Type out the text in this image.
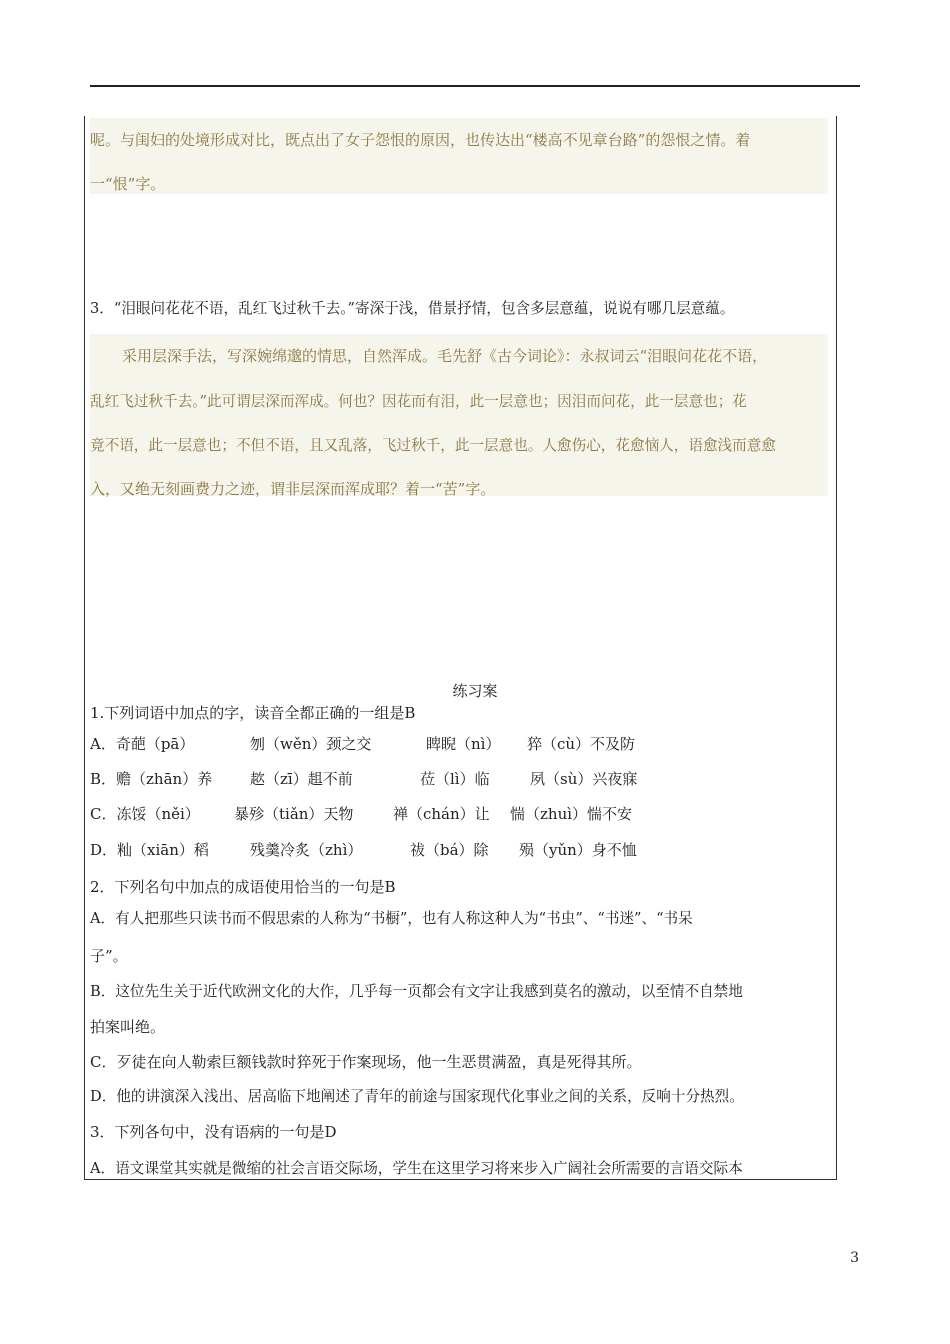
呢。与闺妇的处境形成对比，既点出了女子怨恨的原因，也传达出“楼高不见章台路”的怨恨之情。着
一“恨”字。
3．“泪眼问花花不语，乱红飞过秋千去。”寄深于浅，借景抒情，包含多层意蕴，说说有哪几层意蕴。
采用层深手法，写深婉绵邈的情思，自然浑成。毛先舒《古今词论》：永叔词云“泪眼问花花不语，
乱红飞过秋千去。”此可谓层深而浑成。何也？因花而有泪，此一层意也；因泪而问花，此一层意也；花
竟不语，此一层意也；不但不语，且又乱落，飞过秋千，此一层意也。人愈伤心，花愈恼人，语愈浅而意愈
入，又绝无刻画费力之迹，谓非层深而浑成耶？着一“苦”字。
练习案
1.下列词语中加点的字，读音全都正确的一组是B
A．奇葩（pā）	刎（wěn）颈之交	睥睨（nì） 猝（cù）不及防
B．赡（zhān）养	趑（zī）趄不前	莅（lì）临	夙（sù）兴夜寐
C．冻馁（něi） 暴殄（tiǎn）天物	禅（chán）让 惴（zhuì）惴不安
D．籼（xiān）稻	残羹冷炙（zhì）	祓（bá）除 殒（yǔn）身不恤
2．下列名句中加点的成语使用恰当的一句是B
A．有人把那些只读书而不假思索的人称为“书橱”，也有人称这种人为“书虫”、“书迷”、“书呆
子”。
B．这位先生关于近代欧洲文化的大作，几乎每一页都会有文字让我感到莫名的激动，以至情不自禁地
拍案叫绝。
C．歹徒在向人勒索巨额钱款时猝死于作案现场，他一生恶贯满盈，真是死得其所。
D．他的讲演深入浅出、居高临下地阐述了青年的前途与国家现代化事业之间的关系，反响十分热烈。
3．下列各句中，没有语病的一句是D
A．语文课堂其实就是微缩的社会言语交际场，学生在这里学习将来步入广阔社会所需要的言语交际本
3
